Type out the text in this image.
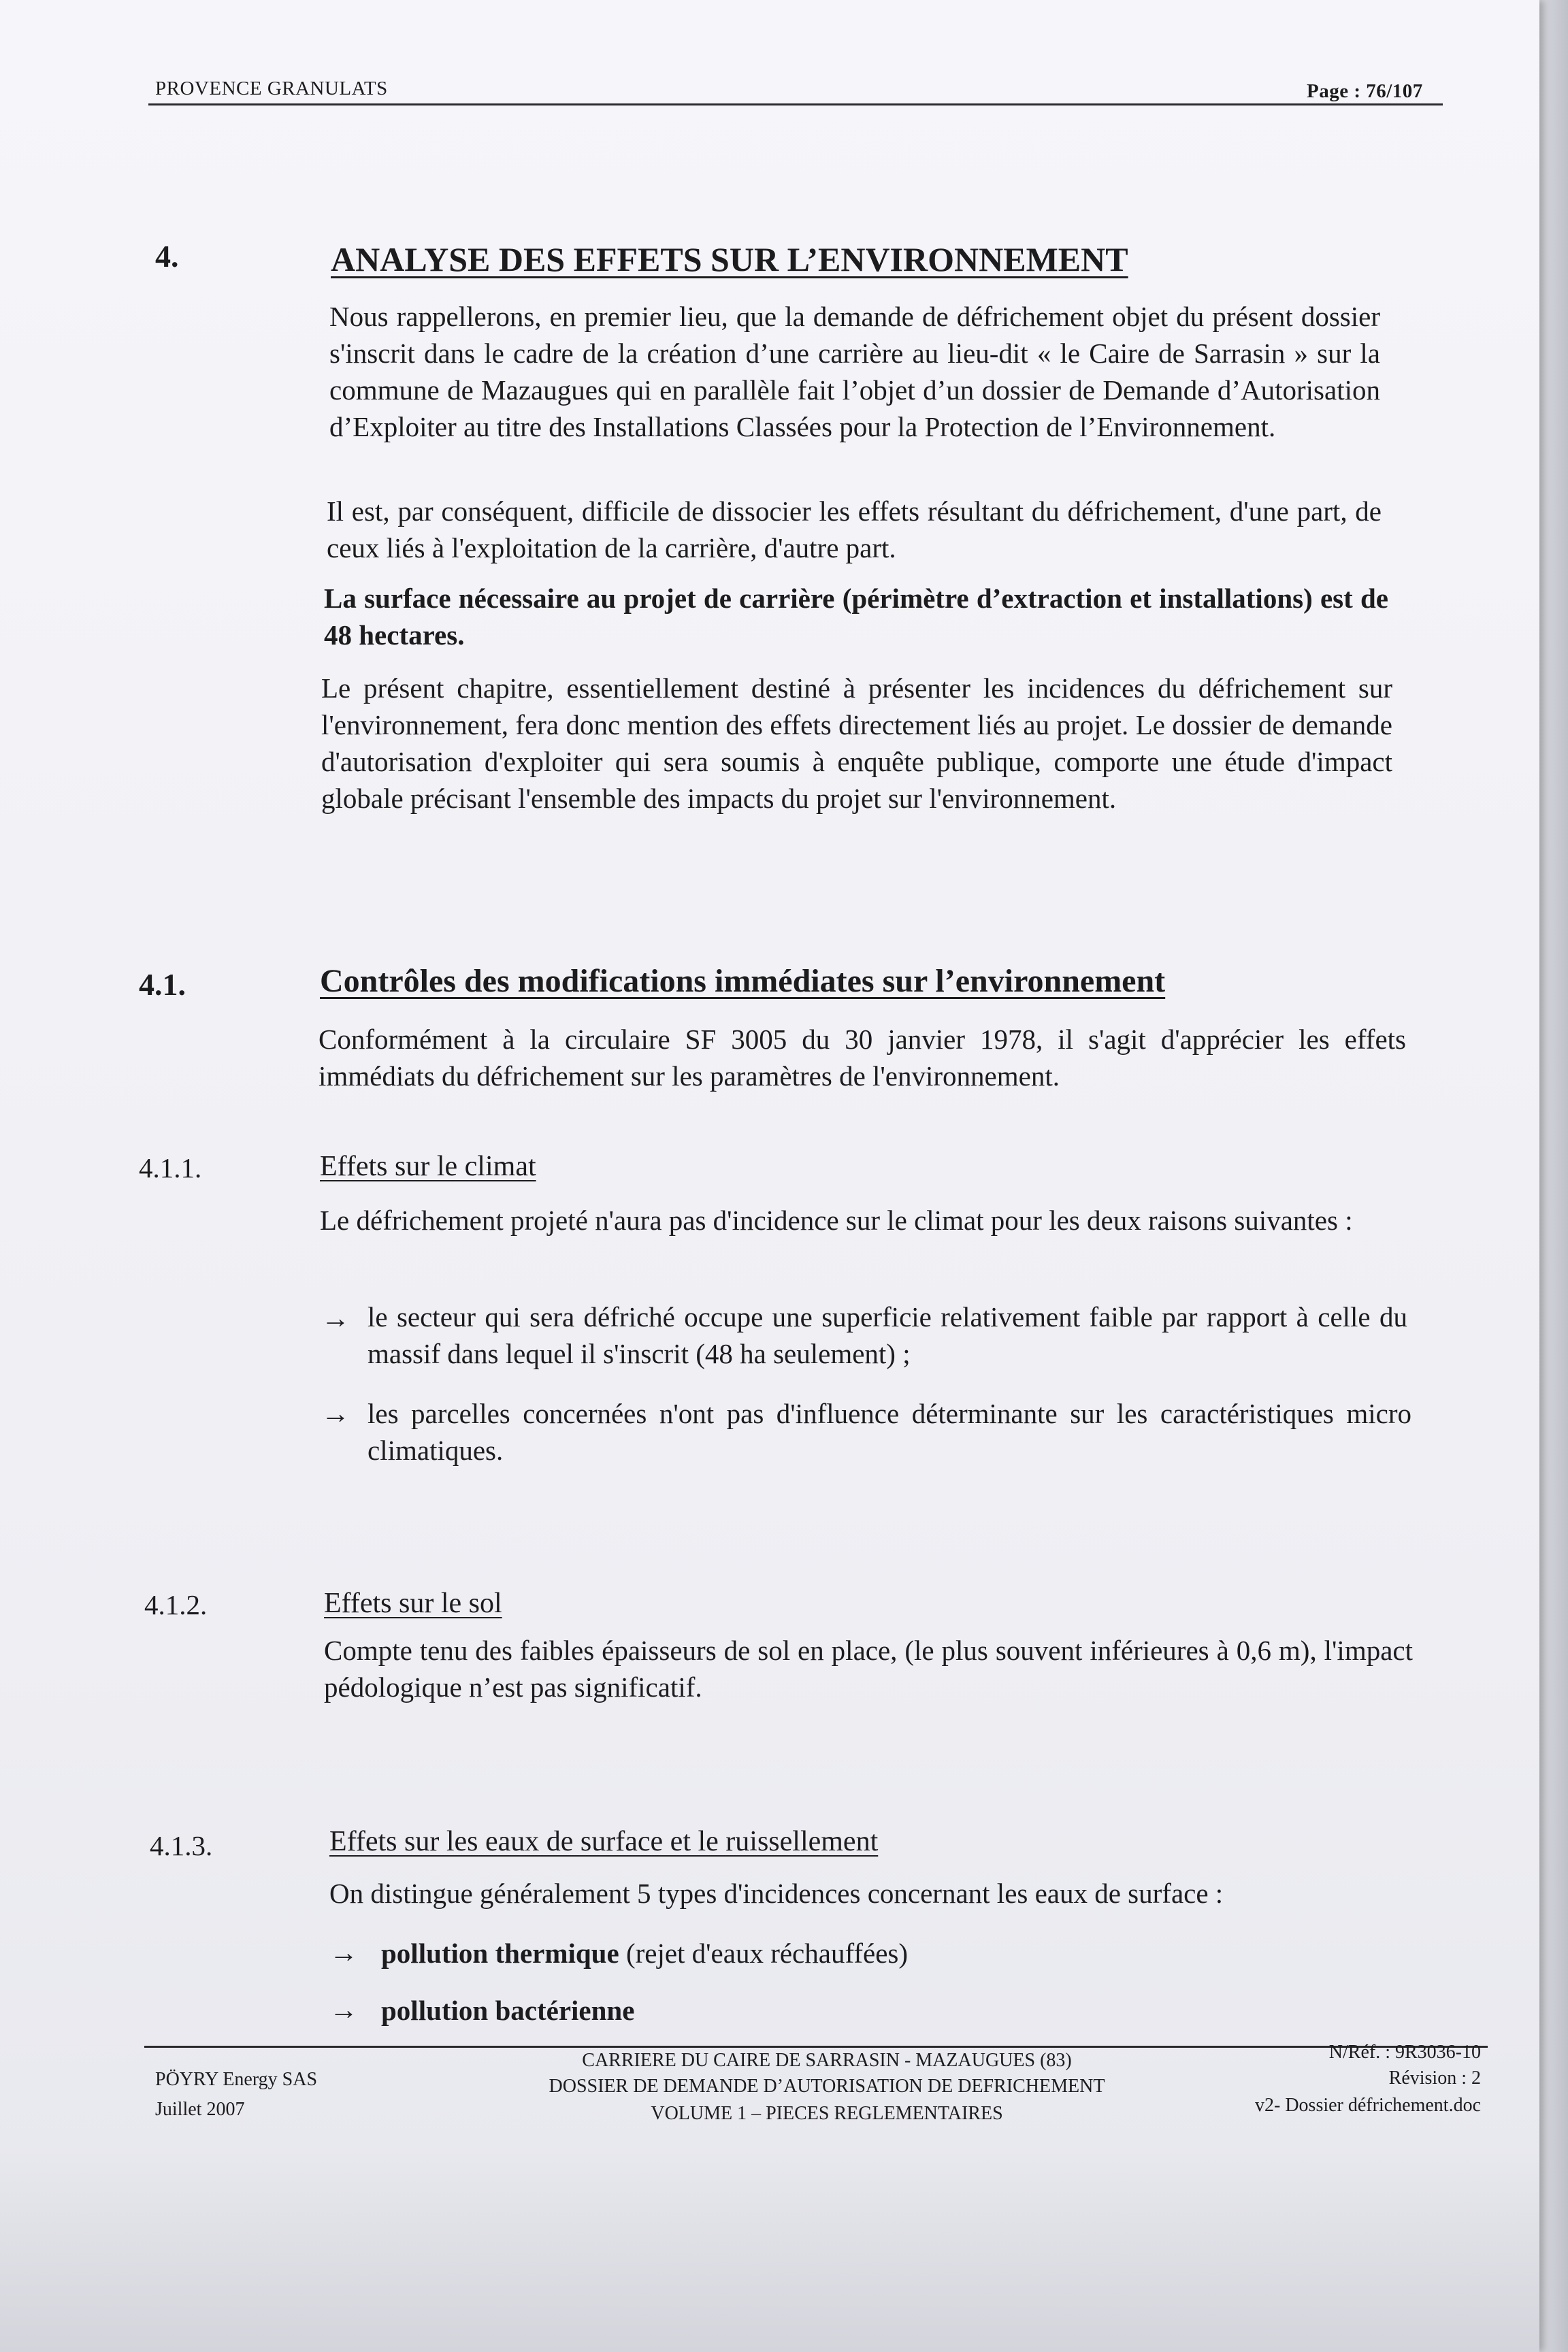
PROVENCE GRANULATS	Page : 76/107
4.	ANALYSE DES EFFETS SUR L’ENVIRONNEMENT
Nous rappellerons, en premier lieu, que la demande de défrichement objet du présent dossier s'inscrit dans le cadre de la création d’une carrière au lieu-dit « le Caire de Sarrasin » sur la commune de Mazaugues qui en parallèle fait l’objet d’un dossier de Demande d’Autorisation d’Exploiter au titre des Installations Classées pour la Protection de l’Environnement.
Il est, par conséquent, difficile de dissocier les effets résultant du défrichement, d'une part, de ceux liés à l'exploitation de la carrière, d'autre part.
La surface nécessaire au projet de carrière (périmètre d’extraction et installations) est de 48 hectares.
Le présent chapitre, essentiellement destiné à présenter les incidences du défrichement sur l'environnement, fera donc mention des effets directement liés au projet. Le dossier de demande d'autorisation d'exploiter qui sera soumis à enquête publique, comporte une étude d'impact globale précisant l'ensemble des impacts du projet sur l'environnement.
4.1.	Contrôles des modifications immédiates sur l’environnement
Conformément à la circulaire SF 3005 du 30 janvier 1978, il s'agit d'apprécier les effets immédiats du défrichement sur les paramètres de l'environnement.
4.1.1.	Effets sur le climat
Le défrichement projeté n'aura pas d'incidence sur le climat pour les deux raisons suivantes :
→ le secteur qui sera défriché occupe une superficie relativement faible par rapport à celle du massif dans lequel il s'inscrit (48 ha seulement) ;
→ les parcelles concernées n'ont pas d'influence déterminante sur les caractéristiques micro climatiques.
4.1.2.	Effets sur le sol
Compte tenu des faibles épaisseurs de sol en place, (le plus souvent inférieures à 0,6 m), l'impact pédologique n’est pas significatif.
4.1.3.	Effets sur les eaux de surface et le ruissellement
On distingue généralement 5 types d'incidences concernant les eaux de surface :
→ pollution thermique (rejet d'eaux réchauffées)
→ pollution bactérienne
PÖYRY Energy SAS
Juillet 2007
CARRIERE DU CAIRE DE SARRASIN - MAZAUGUES (83)
DOSSIER DE DEMANDE D’AUTORISATION DE DEFRICHEMENT
VOLUME 1 – PIECES REGLEMENTAIRES
N/Réf. : 9R3036-10
Révision : 2
v2- Dossier défrichement.doc
